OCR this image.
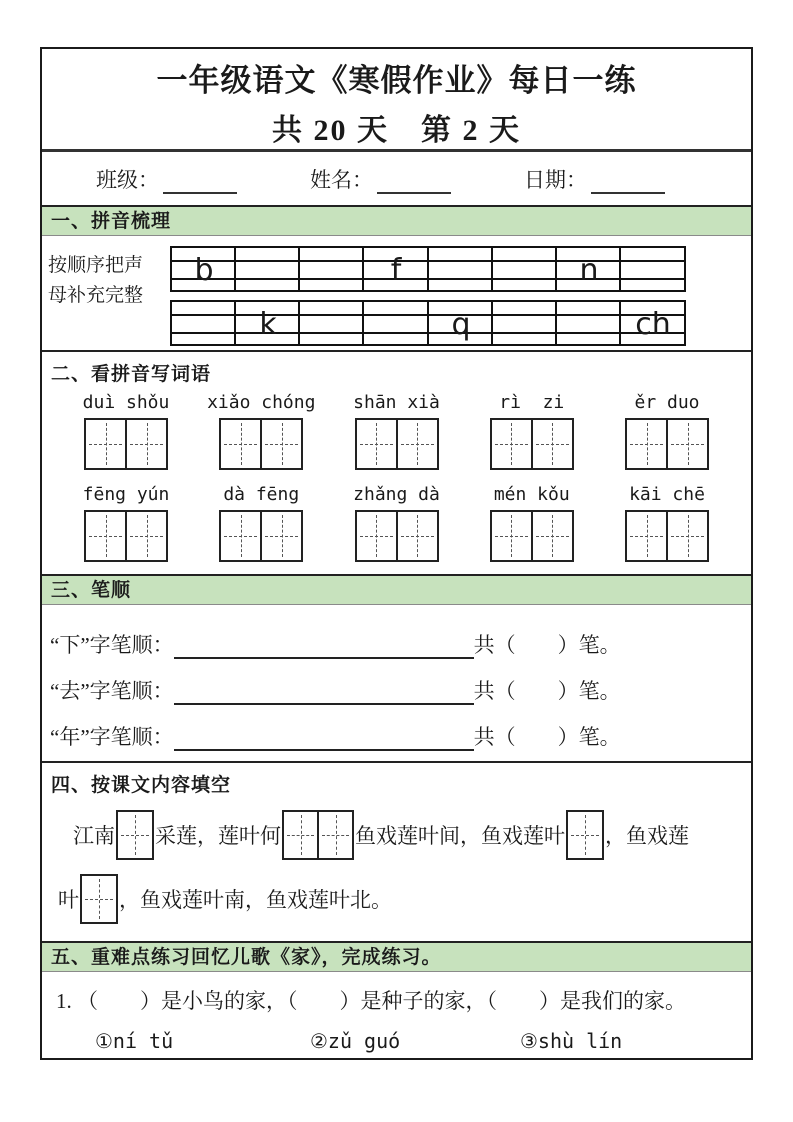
一年级语文《寒假作业》每日一练
共 20 天　第 2 天
班级：	姓名：	日期：
一、拼音梳理
按顺序把声
母补充完整
b	f	n
k	q	ch
二、看拼音写词语
duì shǒu	xiǎo chóng	shān xià	rì  zi	ěr duo
fēng yún	dà fēng	zhǎng dà	mén kǒu	kāi chē
三、笔顺
“下”字笔顺：	共（　　）笔。
“去”字笔顺：	共（　　）笔。
“年”字笔顺：	共（　　）笔。
四、按课文内容填空
江南 采莲，莲叶何	鱼戏莲叶间，鱼戏莲叶 ，鱼戏莲
叶 ，鱼戏莲叶南，鱼戏莲叶北。
五、重难点练习回忆儿歌《家》，完成练习。
1. （　　）是小鸟的家，（　　）是种子的家，（　　）是我们的家。
①ní tǔ	②zǔ guó	③shù lín
